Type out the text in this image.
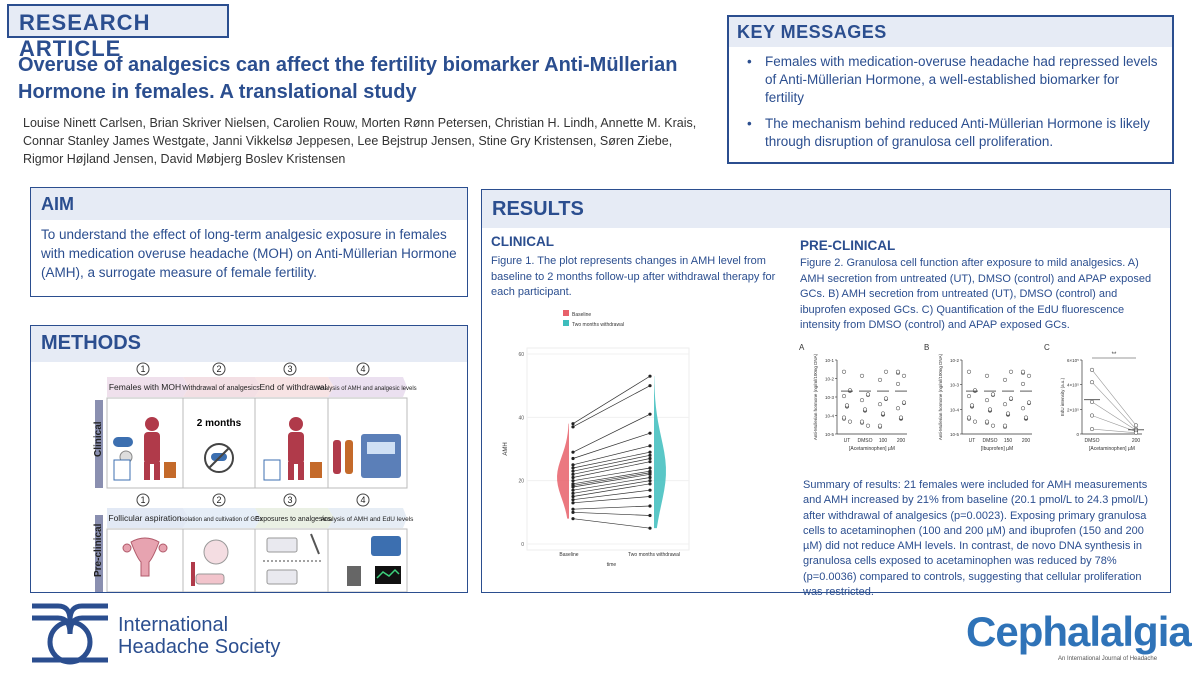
RESEARCH ARTICLE
Overuse of analgesics can affect the fertility biomarker Anti-Müllerian
Hormone in females. A translational study
Louise Ninett Carlsen, Brian Skriver Nielsen, Carolien Rouw, Morten Rønn Petersen, Christian H. Lindh, Annette M. Krais,
Connar Stanley James Westgate, Janni Vikkelsø Jeppesen, Lee Bejstrup Jensen, Stine Gry Kristensen, Søren Ziebe,
Rigmor Højland Jensen, David Møbjerg Boslev Kristensen
KEY MESSAGES
• Females with medication-overuse headache had repressed levels of Anti-Müllerian Hormone, a well-established biomarker for fertility
• The mechanism behind reduced Anti-Müllerian Hormone is likely through disruption of granulosa cell proliferation.
AIM
To understand the effect of long-term analgesic exposure in females with medication overuse headache (MOH) on Anti-Müllerian Hormone (AMH), a surrogate measure of female fertility.
METHODS
Clinical
Pre-clinical
1	2	3	4
Females with MOH Withdrawal of analgesics End of withdrawal
Analysis of AMH and analgesic levels
2 months
1	2	3	4
Follicular aspiration
Isolation and cultivation of GCs
Exposures to analgesics
Analysis of AMH and EdU levels
RESULTS
CLINICAL
Figure 1. The plot represents changes in AMH level from baseline to 2 months follow-up after withdrawal therapy for each participant.
Baseline
Two months withdrawal
0
20
40
60
AMH
Baseline	Two months withdrawal
time
PRE-CLINICAL
Figure 2. Granulosa cell function after exposure to mild analgesics. A) AMH secretion from untreated (UT), DMSO (control) and APAP exposed GCs. B) AMH secretion from untreated (UT), DMSO (control) and ibuprofen exposed GCs. C) Quantification of the EdU fluorescence intensity from DMSO (control) and APAP exposed GCs.
A
10-1
10-2
10-3
10-4
10-5
Anti-Mullerian hormone (ng/ml/100ng DNA)
UT DMSO 100 200
[Acetaminophen] µM
B
10-2
10-3
10-4
10-5
Anti-Mullerian hormone (ng/ml/100ng DNA)
UT DMSO 150 200
[Ibuprofen] µM
C
0
2×10⁵
4×10⁵
6×10⁵
EdU intensity (a.u.)
DMSO	200
[Acetaminophen] µM
**
Summary of results: 21 females were included for AMH measurements and AMH increased by 21% from baseline (20.1 pmol/L to 24.3 pmol/L) after withdrawal of analgesics (p=0.0023). Exposing primary granulosa cells to acetaminophen (100 and 200 µM) and ibuprofen (150 and 200 µM) did not reduce AMH levels. In contrast, de novo DNA synthesis in granulosa cells exposed to acetaminophen was reduced by 78% (p=0.0036) compared to controls, suggesting that cellular proliferation was restricted.
International
Headache Society	Cephalalgia
An International Journal of Headache
